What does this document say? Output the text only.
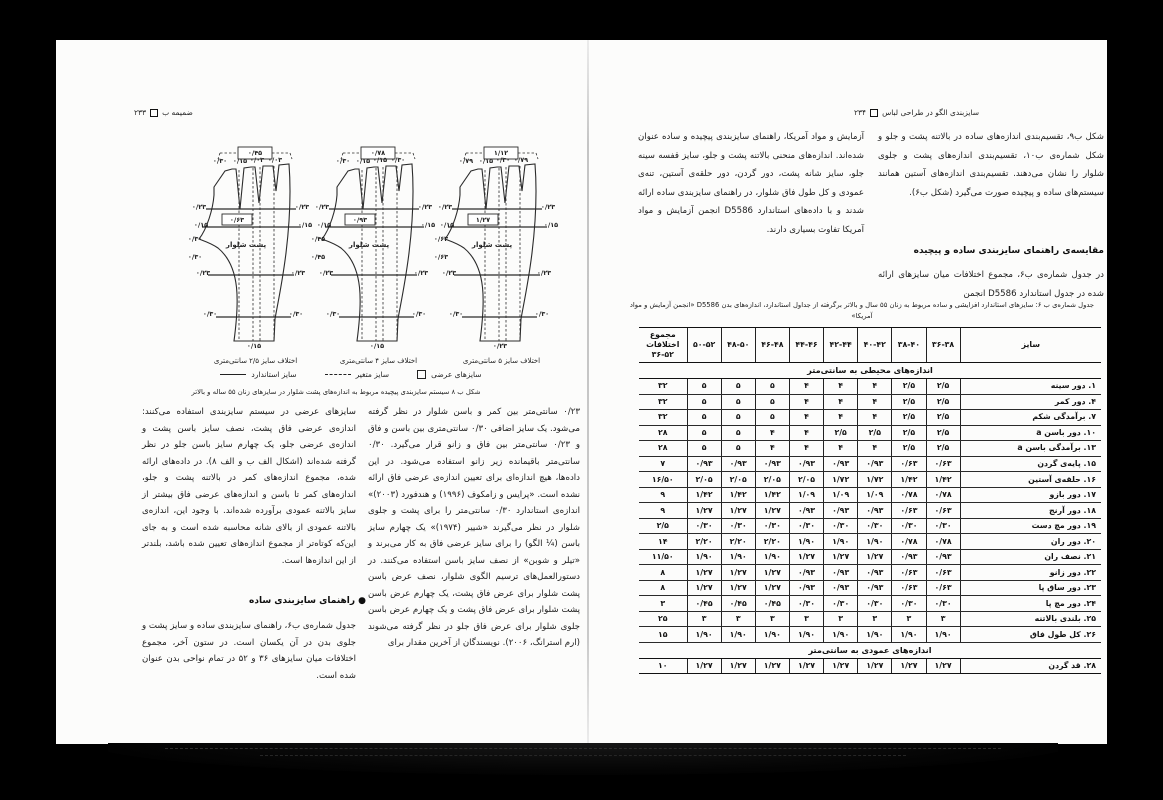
ضمیمه ب
۲۳۳
اختلاف سایز ۲/۵ سانتی‌متری
۰/۴۵
۰/۳۰ ۰/۱۵ ۰/۰۳ ۰/۰۳
۰/۲۳
۰/۱۵
۰/۳۰
۰/۳۰
۰/۲۳
۰/۳۰
۰/۲۳
۰/۱۵
۰/۲۳
۰/۳۰
۰/۶۳
۰/۱۵
پشت شلوار
اختلاف سایز ۴ سانتی‌متری
۰/۷۸
۰/۳۰ ۰/۱۵ ۰/۱۵ ۰/۳۰
۰/۲۳
۰/۱۵
۰/۴۵
۰/۴۵
۰/۲۳
۰/۳۰
۰/۲۳
۰/۱۵
۰/۲۳
۰/۳۰
۰/۹۳
۰/۱۵
پشت شلوار
اختلاف سایز ۵ سانتی‌متری
۱/۱۲
۰/۷۹ ۰/۱۵ ۰/۳۰ ۰/۷۹
۰/۲۳
۰/۱۵
۰/۶۳
۰/۶۳
۰/۲۳
۰/۳۰
۰/۲۳
۰/۱۵
۰/۲۳
۰/۳۰
۱/۲۷
۰/۲۳
پشت شلوار
سایز استاندارد	سایز متغیر	سایزهای عرضی
شکل ب ۸ سیستم سایزبندی پیچیده مربوط به اندازه‌های پشت شلوار در سایزهای زنان ۵۵ ساله و بالاتر
۰/۲۳ سانتی‌متر بین کمر و باسن شلوار در نظر گرفته می‌شود. یک سایز اضافی ۰/۳۰ سانتی‌متری بین باسن و فاق و ۰/۲۳ سانتی‌متر بین فاق و زانو قرار می‌گیرد. ۰/۳۰ سانتی‌متر باقیمانده زیر زانو استفاده می‌شود. در این داده‌ها، هیچ اندازه‌ای برای تعیین اندازه‌ی عرضی فاق ارائه نشده است. «پرایس و زامکوف (۱۹۹۶) و هندفورد (۲۰۰۳)» اندازه‌ی استاندارد ۰/۳۰ سانتی‌متر را برای پشت و جلوی شلوار در نظر می‌گیرند «شییر (۱۹۷۴)» یک چهارم سایز باسن (¼ الگو) را برای سایز عرضی فاق به کار می‌برند و «تیلر و شوبن» از نصف سایز باسن استفاده می‌کنند. در دستورالعمل‌های ترسیم الگوی شلوار، نصف عرض باسن پشت شلوار برای عرض فاق پشت، یک چهارم عرض باسن پشت شلوار برای عرض فاق پشت و یک چهارم عرض باسن جلوی شلوار برای عرض فاق جلو در نظر گرفته می‌شوند (ارم استرانگ، ۲۰۰۶). نویسندگان از آخرین مقدار برای
سایزهای عرضی در سیستم سایزبندی استفاده می‌کنند: اندازه‌ی عرضی فاق پشت، نصف سایز باسن پشت و اندازه‌ی عرضی جلو، یک چهارم سایز باسن جلو در نظر گرفته شده‌اند (اشکال الف ب و الف ۸). در داده‌های ارائه شده، مجموع اندازه‌های کمر در بالاتنه پشت و جلو، اندازه‌های کمر تا باسن و اندازه‌های عرضی فاق بیشتر از سایز بالاتنه عمودی برآورده شده‌اند. با وجود این، اندازه‌ی بالاتنه عمودی از بالای شانه محاسبه شده است و به جای این‌که کوتاه‌تر از مجموع اندازه‌های تعیین شده باشد، بلندتر از این اندازه‌ها است.
● راهنمای سایزبندی ساده
جدول شماره‌ی ب۶، راهنمای سایزبندی ساده و سایز پشت و جلوی بدن در آن یکسان است. در ستون آخر، مجموع اختلافات میان سایزهای ۳۶ و ۵۲ در تمام نواحی بدن عنوان شده است.
سایزبندی الگو در طراحی لباس
۲۳۴
شکل ب۹، تقسیم‌بندی اندازه‌های ساده در بالاتنه پشت و جلو و شکل شماره‌ی ب۱۰، تقسیم‌بندی اندازه‌های پشت و جلوی شلوار را نشان می‌دهند. تقسیم‌بندی اندازه‌های آستین همانند سیستم‌های ساده و پیچیده صورت می‌گیرد (شکل ب۶).
مقایسه‌ی راهنمای سایزبندی ساده و پیچیده
در جدول شماره‌ی ب۶، مجموع اختلافات میان سایزهای ارائه شده در جدول استاندارد D5586 انجمن
آزمایش و مواد آمریکا، راهنمای سایزبندی پیچیده و ساده عنوان شده‌اند. اندازه‌های منحنی بالاتنه پشت و جلو، سایز قفسه سینه جلو، سایز شانه پشت، دور گردن، دور حلقه‌ی آستین، تنه‌ی عمودی و کل طول فاق شلوار، در راهنمای سایزبندی ساده ارائه شدند و با داده‌های استاندارد D5586 انجمن آزمایش و مواد آمریکا تفاوت بسیاری دارند.
جدول شماره‌ی ب ۶: سایزهای استاندارد افزایشی و ساده مربوط به زنان ۵۵ سال و بالاتر برگرفته از جداول استاندارد، اندازه‌های بدن D5586 «انجمن آزمایش و مواد آمریکا»
سایز	۳۶-۳۸	۳۸-۴۰	۴۰-۴۲	۴۲-۴۴	۴۴-۴۶	۴۶-۴۸	۴۸-۵۰	۵۰-۵۲	مجموع اختلافات ۳۶-۵۲
اندازه‌های محیطی به سانتی‌متر									
۱. دور سینه	۲/۵	۲/۵	۴	۴	۴	۵	۵	۵	۳۲
۴. دور کمر	۲/۵	۲/۵	۴	۴	۴	۵	۵	۵	۳۲
۷. برآمدگی شکم	۲/۵	۲/۵	۴	۴	۴	۵	۵	۵	۳۲
۱۰. دور باسن a	۲/۵	۲/۵	۲/۵	۲/۵	۴	۴	۵	۵	۲۸
۱۳. برآمدگی باسن a	۲/۵	۲/۵	۴	۴	۴	۴	۵	۵	۲۸
۱۵. پایه‌ی گردن	۰/۶۳	۰/۶۳	۰/۹۳	۰/۹۳	۰/۹۳	۰/۹۳	۰/۹۳	۰/۹۳	۷
۱۶. حلقه‌ی آستین	۱/۴۲	۱/۴۲	۱/۷۲	۱/۷۲	۲/۰۵	۲/۰۵	۲/۰۵	۲/۰۵	۱۶/۵۰
۱۷. دور بازو	۰/۷۸	۰/۷۸	۱/۰۹	۱/۰۹	۱/۰۹	۱/۴۲	۱/۴۲	۱/۴۲	۹
۱۸. دور آرنج	۰/۶۳	۰/۶۳	۰/۹۳	۰/۹۳	۰/۹۳	۱/۲۷	۱/۲۷	۱/۲۷	۹
۱۹. دور مچ دست	۰/۳۰	۰/۳۰	۰/۳۰	۰/۳۰	۰/۳۰	۰/۳۰	۰/۳۰	۰/۳۰	۲/۵
۲۰. دور ران	۰/۷۸	۰/۷۸	۱/۹۰	۱/۹۰	۱/۹۰	۲/۲۰	۲/۲۰	۲/۲۰	۱۴
۲۱. نصف ران	۰/۹۳	۰/۹۳	۱/۲۷	۱/۲۷	۱/۲۷	۱/۹۰	۱/۹۰	۱/۹۰	۱۱/۵۰
۲۲. دور زانو	۰/۶۳	۰/۶۳	۰/۹۳	۰/۹۳	۰/۹۳	۱/۲۷	۱/۲۷	۱/۲۷	۸
۲۳. دور ساق پا	۰/۶۳	۰/۶۳	۰/۹۳	۰/۹۳	۰/۹۳	۱/۲۷	۱/۲۷	۱/۲۷	۸
۲۴. دور مچ پا	۰/۳۰	۰/۳۰	۰/۳۰	۰/۳۰	۰/۳۰	۰/۴۵	۰/۴۵	۰/۴۵	۳
۲۵. بلندی بالاتنه	۳	۳	۳	۳	۳	۳	۳	۳	۲۵
۲۶. کل طول فاق	۱/۹۰	۱/۹۰	۱/۹۰	۱/۹۰	۱/۹۰	۱/۹۰	۱/۹۰	۱/۹۰	۱۵
اندازه‌های عمودی به سانتی‌متر									
۲۸. قد گردن	۱/۲۷	۱/۲۷	۱/۲۷	۱/۲۷	۱/۲۷	۱/۲۷	۱/۲۷	۱/۲۷	۱۰
